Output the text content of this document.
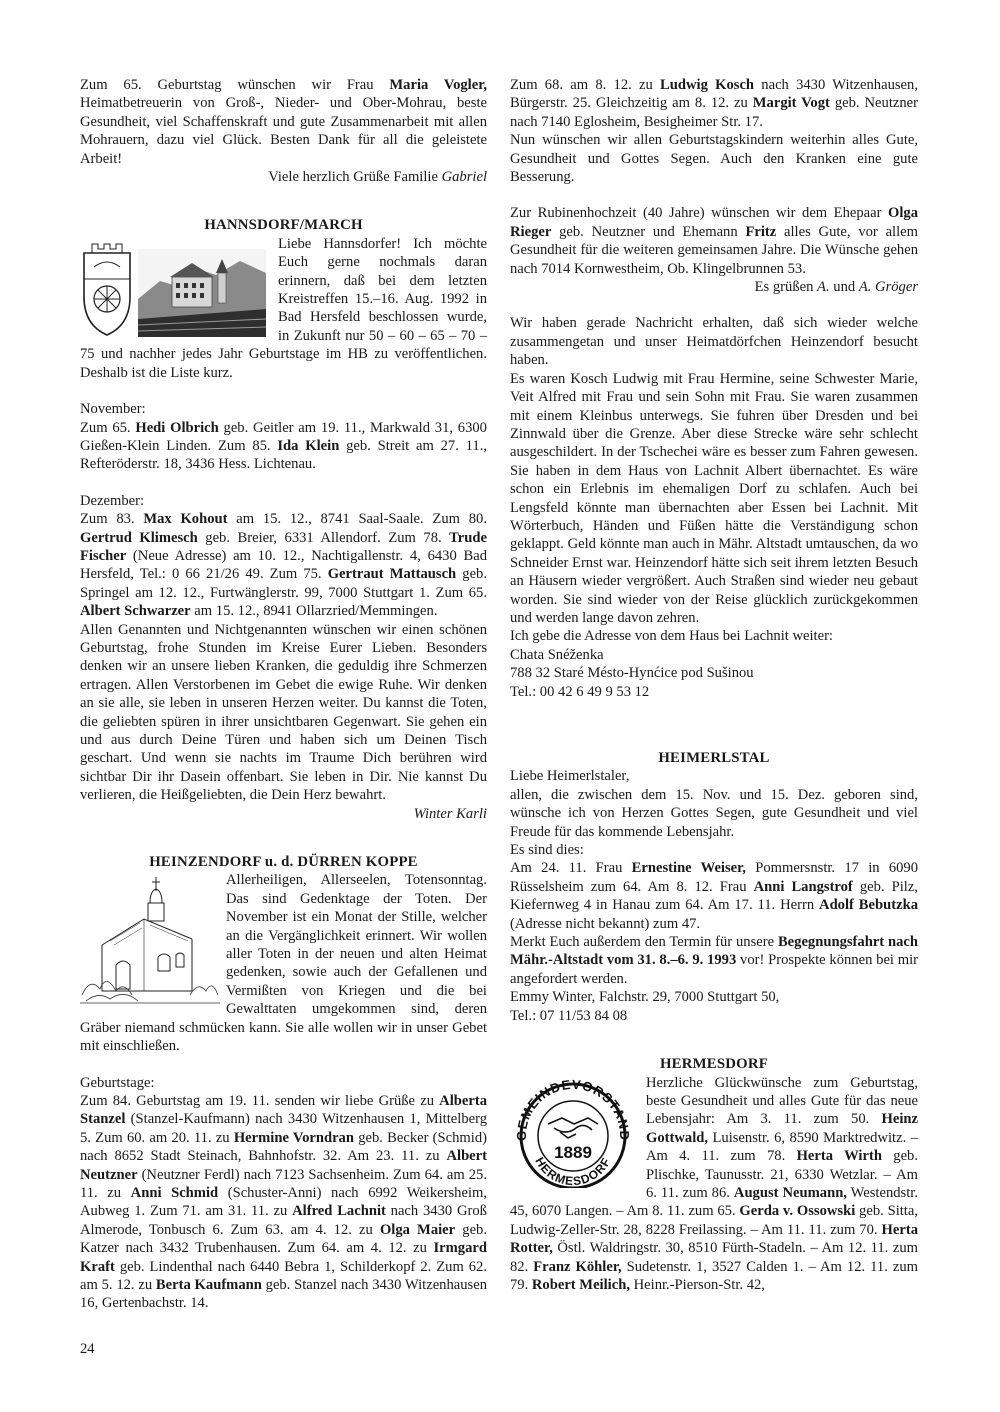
Zum 65. Geburtstag wünschen wir Frau Maria Vogler, Heimatbetreuerin von Groß-, Nieder- und Ober-Mohrau, beste Gesundheit, viel Schaffenskraft und gute Zusammenarbeit mit allen Mohrauern, dazu viel Glück. Besten Dank für all die geleistete Arbeit!

Viele herzlich Grüße Familie Gabriel

HANNSDORF/MARCH

Liebe Hannsdorfer! Ich möchte Euch gerne nochmals daran erinnern, daß bei dem letzten Kreistreffen 15.–16. Aug. 1992 in Bad Hersfeld beschlossen wurde, in Zukunft nur 50 – 60 – 65 – 70 – 75 und nachher jedes Jahr Geburtstage im HB zu veröffentlichen. Deshalb ist die Liste kurz.

November:

Zum 65. Hedi Olbrich geb. Geitler am 19. 11., Markwald 31, 6300 Gießen-Klein Linden. Zum 85. Ida Klein geb. Streit am 27. 11., Refteröderstr. 18, 3436 Hess. Lichtenau.

Dezember:

Zum 83. Max Kohout am 15. 12., 8741 Saal-Saale. Zum 80. Gertrud Klimesch geb. Breier, 6331 Allendorf. Zum 78. Trude Fischer (Neue Adresse) am 10. 12., Nachtigallenstr. 4, 6430 Bad Hersfeld, Tel.: 0 66 21/26 49. Zum 75. Gertraut Mattausch geb. Springel am 12. 12., Furtwänglerstr. 99, 7000 Stuttgart 1. Zum 65. Albert Schwarzer am 15. 12., 8941 Ollarzried/Memmingen.

Allen Genannten und Nichtgenannten wünschen wir einen schönen Geburtstag, frohe Stunden im Kreise Eurer Lieben. Besonders denken wir an unsere lieben Kranken, die geduldig ihre Schmerzen ertragen. Allen Verstorbenen im Gebet die ewige Ruhe. Wir denken an sie alle, sie leben in unseren Herzen weiter. Du kannst die Toten, die geliebten spüren in ihrer unsichtbaren Gegenwart. Sie gehen ein und aus durch Deine Türen und haben sich um Deinen Tisch geschart. Und wenn sie nachts im Traume Dich berühren wird sichtbar Dir ihr Dasein offenbart. Sie leben in Dir. Nie kannst Du verlieren, die Heißgeliebten, die Dein Herz bewahrt.

Winter Karli

HEINZENDORF u. d. DÜRREN KOPPE

Allerheiligen, Allerseelen, Totensonntag. Das sind Gedenktage der Toten. Der November ist ein Monat der Stille, welcher an die Vergänglichkeit erinnert. Wir wollen aller Toten in der neuen und alten Heimat gedenken, sowie auch der Gefallenen und Vermißten von Kriegen und die bei Gewalttaten umgekommen sind, deren Gräber niemand schmücken kann. Sie alle wollen wir in unser Gebet mit einschließen.

Geburtstage:

Zum 84. Geburtstag am 19. 11. senden wir liebe Grüße zu Alberta Stanzel (Stanzel-Kaufmann) nach 3430 Witzenhausen 1, Mittelberg 5. Zum 60. am 20. 11. zu Hermine Vorndran geb. Becker (Schmid) nach 8652 Stadt Steinach, Bahnhofstr. 32. Am 23. 11. zu Albert Neutzner (Neutzner Ferdl) nach 7123 Sachsenheim. Zum 64. am 25. 11. zu Anni Schmid (Schuster-Anni) nach 6992 Weikersheim, Aubweg 1. Zum 71. am 31. 11. zu Alfred Lachnit nach 3430 Groß Almerode, Tonbusch 6. Zum 63. am 4. 12. zu Olga Maier geb. Katzer nach 3432 Trubenhausen. Zum 64. am 4. 12. zu Irmgard Kraft geb. Lindenthal nach 6440 Bebra 1, Schilderkopf 2. Zum 62. am 5. 12. zu Berta Kaufmann geb. Stanzel nach 3430 Witzenhausen 16, Gertenbachstr. 14.

Zum 68. am 8. 12. zu Ludwig Kosch nach 3430 Witzenhausen, Bürgerstr. 25. Gleichzeitig am 8. 12. zu Margit Vogt geb. Neutzner nach 7140 Eglosheim, Besigheimer Str. 17.

Nun wünschen wir allen Geburtstagskindern weiterhin alles Gute, Gesundheit und Gottes Segen. Auch den Kranken eine gute Besserung.

Zur Rubinenhochzeit (40 Jahre) wünschen wir dem Ehepaar Olga Rieger geb. Neutzner und Ehemann Fritz alles Gute, vor allem Gesundheit für die weiteren gemeinsamen Jahre. Die Wünsche gehen nach 7014 Kornwestheim, Ob. Klingelbrunnen 53.

Es grüßen A. und A. Gröger

Wir haben gerade Nachricht erhalten, daß sich wieder welche zusammengetan und unser Heimatdörfchen Heinzendorf besucht haben.

Es waren Kosch Ludwig mit Frau Hermine, seine Schwester Marie, Veit Alfred mit Frau und sein Sohn mit Frau. Sie waren zusammen mit einem Kleinbus unterwegs. Sie fuhren über Dresden und bei Zinnwald über die Grenze. Aber diese Strecke wäre sehr schlecht ausgeschildert. In der Tschechei wäre es besser zum Fahren gewesen. Sie haben in dem Haus von Lachnit Albert übernachtet. Es wäre schon ein Erlebnis im ehemaligen Dorf zu schlafen. Auch bei Lengsfeld könnte man übernachten aber Essen bei Lachnit. Mit Wörterbuch, Händen und Füßen hätte die Verständigung schon geklappt. Geld könnte man auch in Mähr. Altstadt umtauschen, da wo Schneider Ernst war. Heinzendorf hätte sich seit ihrem letzten Besuch an Häusern wieder vergrößert. Auch Straßen sind wieder neu gebaut worden. Sie sind wieder von der Reise glücklich zurückgekommen und werden lange davon zehren.

Ich gebe die Adresse von dem Haus bei Lachnit weiter:

Chata Snéženka

788 32 Staré Mésto-Hynćice pod Sušinou

Tel.: 00 42 6 49 9 53 12

HEIMERLSTAL

Liebe Heimerlstaler,

allen, die zwischen dem 15. Nov. und 15. Dez. geboren sind, wünsche ich von Herzen Gottes Segen, gute Gesundheit und viel Freude für das kommende Lebensjahr.

Es sind dies:

Am 24. 11. Frau Ernestine Weiser, Pommersnstr. 17 in 6090 Rüsselsheim zum 64. Am 8. 12. Frau Anni Langstrof geb. Pilz, Kiefernweg 4 in Hanau zum 64. Am 17. 11. Herrn Adolf Bebutzka (Adresse nicht bekannt) zum 47.

Merkt Euch außerdem den Termin für unsere Begegnungsfahrt nach Mähr.-Altstadt vom 31. 8.–6. 9. 1993 vor! Prospekte können bei mir angefordert werden.

Emmy Winter, Falchstr. 29, 7000 Stuttgart 50,

Tel.: 07 11/53 84 08

HERMESDORF
GEMEINDEVORSTAND
HERMESDORF
1889

Herzliche Glückwünsche zum Geburtstag, beste Gesundheit und alles Gute für das neue Lebensjahr: Am 3. 11. zum 50. Heinz Gottwald, Luisenstr. 6, 8590 Marktredwitz. – Am 4. 11. zum 78. Herta Wirth geb. Plischke, Taunusstr. 21, 6330 Wetzlar. – Am 6. 11. zum 86. August Neumann, Westendstr. 45, 6070 Langen. – Am 8. 11. zum 65. Gerda v. Ossowski geb. Sitta, Ludwig-Zeller-Str. 28, 8228 Freilassing. – Am 11. 11. zum 70. Herta Rotter, Östl. Waldringstr. 30, 8510 Fürth-Stadeln. – Am 12. 11. zum 82. Franz Köhler, Sudetenstr. 1, 3527 Calden 1. – Am 12. 11. zum 79. Robert Meilich, Heinr.-Pierson-Str. 42,

24
